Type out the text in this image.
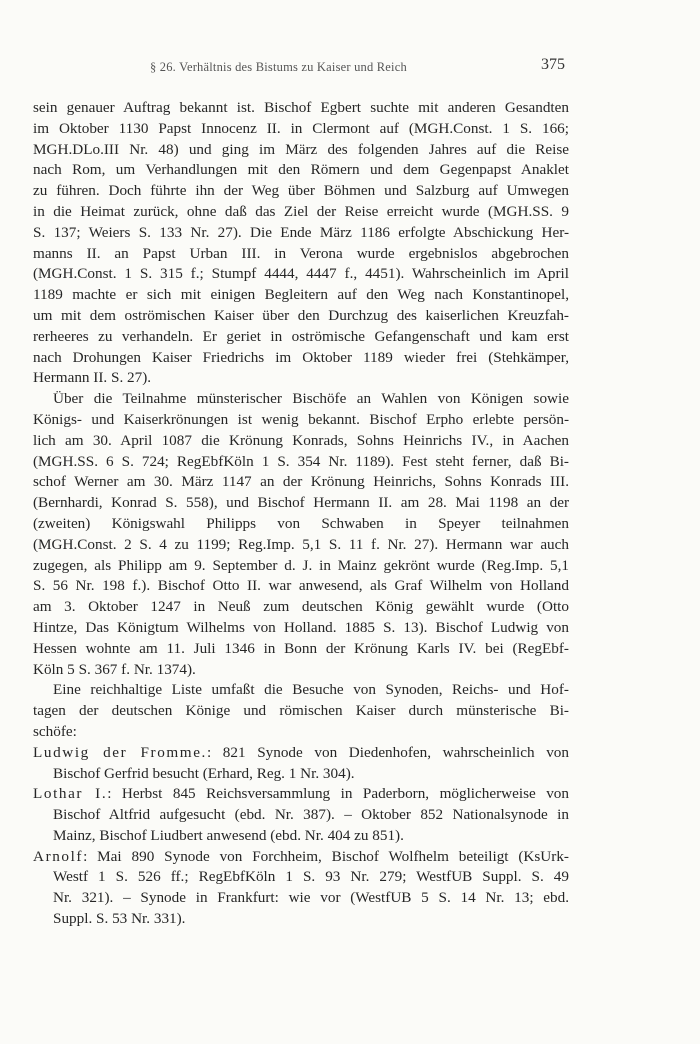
§ 26. Verhältnis des Bistums zu Kaiser und Reich	375
sein genauer Auftrag bekannt ist. Bischof Egbert suchte mit anderen Gesandten
im Oktober 1130 Papst Innocenz II. in Clermont auf (MGH.Const. 1 S. 166;
MGH.DLo.III Nr. 48) und ging im März des folgenden Jahres auf die Reise
nach Rom, um Verhandlungen mit den Römern und dem Gegenpapst Anaklet
zu führen. Doch führte ihn der Weg über Böhmen und Salzburg auf Umwegen
in die Heimat zurück, ohne daß das Ziel der Reise erreicht wurde (MGH.SS. 9
S. 137; Weiers S. 133 Nr. 27). Die Ende März 1186 erfolgte Abschickung Her-
manns II. an Papst Urban III. in Verona wurde ergebnislos abgebrochen
(MGH.Const. 1 S. 315 f.; Stumpf 4444, 4447 f., 4451). Wahrscheinlich im April
1189 machte er sich mit einigen Begleitern auf den Weg nach Konstantinopel,
um mit dem oströmischen Kaiser über den Durchzug des kaiserlichen Kreuzfah-
rerheeres zu verhandeln. Er geriet in oströmische Gefangenschaft und kam erst
nach Drohungen Kaiser Friedrichs im Oktober 1189 wieder frei (Stehkämper,
Hermann II. S. 27).
Über die Teilnahme münsterischer Bischöfe an Wahlen von Königen sowie
Königs- und Kaiserkrönungen ist wenig bekannt. Bischof Erpho erlebte persön-
lich am 30. April 1087 die Krönung Konrads, Sohns Heinrichs IV., in Aachen
(MGH.SS. 6 S. 724; RegEbfKöln 1 S. 354 Nr. 1189). Fest steht ferner, daß Bi-
schof Werner am 30. März 1147 an der Krönung Heinrichs, Sohns Konrads III.
(Bernhardi, Konrad S. 558), und Bischof Hermann II. am 28. Mai 1198 an der
(zweiten) Königswahl Philipps von Schwaben in Speyer teilnahmen
(MGH.Const. 2 S. 4 zu 1199; Reg.Imp. 5,1 S. 11 f. Nr. 27). Hermann war auch
zugegen, als Philipp am 9. September d. J. in Mainz gekrönt wurde (Reg.Imp. 5,1
S. 56 Nr. 198 f.). Bischof Otto II. war anwesend, als Graf Wilhelm von Holland
am 3. Oktober 1247 in Neuß zum deutschen König gewählt wurde (Otto
Hintze, Das Königtum Wilhelms von Holland. 1885 S. 13). Bischof Ludwig von
Hessen wohnte am 11. Juli 1346 in Bonn der Krönung Karls IV. bei (RegEbf-
Köln 5 S. 367 f. Nr. 1374).
Eine reichhaltige Liste umfaßt die Besuche von Synoden, Reichs- und Hof-
tagen der deutschen Könige und römischen Kaiser durch münsterische Bi-
schöfe:
Ludwig der Fromme.: 821 Synode von Diedenhofen, wahrscheinlich von
Bischof Gerfrid besucht (Erhard, Reg. 1 Nr. 304).
Lothar I.: Herbst 845 Reichsversammlung in Paderborn, möglicherweise von
Bischof Altfrid aufgesucht (ebd. Nr. 387). – Oktober 852 Nationalsynode in
Mainz, Bischof Liudbert anwesend (ebd. Nr. 404 zu 851).
Arnolf: Mai 890 Synode von Forchheim, Bischof Wolfhelm beteiligt (KsUrk-
Westf 1 S. 526 ff.; RegEbfKöln 1 S. 93 Nr. 279; WestfUB Suppl. S. 49
Nr. 321). – Synode in Frankfurt: wie vor (WestfUB 5 S. 14 Nr. 13; ebd.
Suppl. S. 53 Nr. 331).
